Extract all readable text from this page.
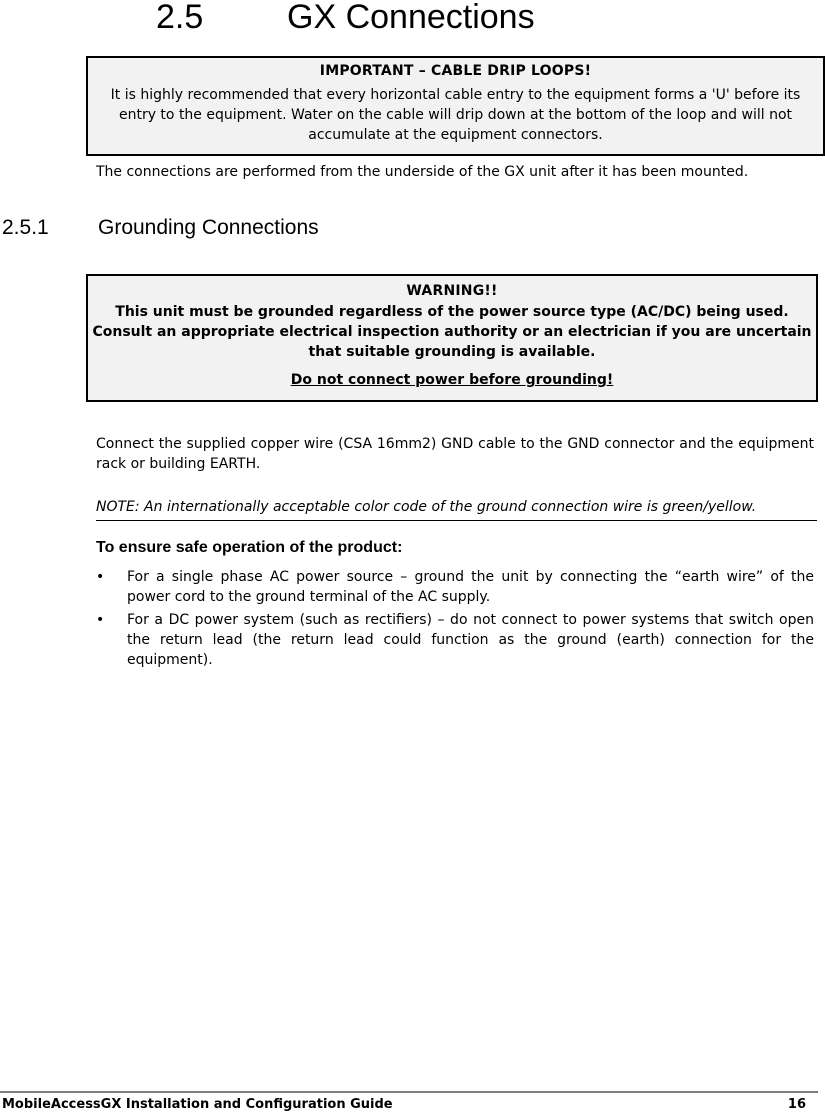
2.5 GX Connections
IMPORTANT – CABLE DRIP LOOPS!
It is highly recommended that every horizontal cable entry to the equipment forms a 'U' before its entry to the equipment. Water on the cable will drip down at the bottom of the loop and will not accumulate at the equipment connectors.
The connections are performed from the underside of the GX unit after it has been mounted.
2.5.1 Grounding Connections
WARNING!!
This unit must be grounded regardless of the power source type (AC/DC) being used.
Consult an appropriate electrical inspection authority or an electrician if you are uncertain that suitable grounding is available.
Do not connect power before grounding!
Connect the supplied copper wire (CSA 16mm2) GND cable to the GND connector and the equipment rack or building EARTH.
NOTE: An internationally acceptable color code of the ground connection wire is green/yellow.
To ensure safe operation of the product:
• For a single phase AC power source – ground the unit by connecting the “earth wire” of the power cord to the ground terminal of the AC supply.
• For a DC power system (such as rectifiers) – do not connect to power systems that switch open the return lead (the return lead could function as the ground (earth) connection for the equipment).
MobileAccessGX Installation and Configuration Guide	16
